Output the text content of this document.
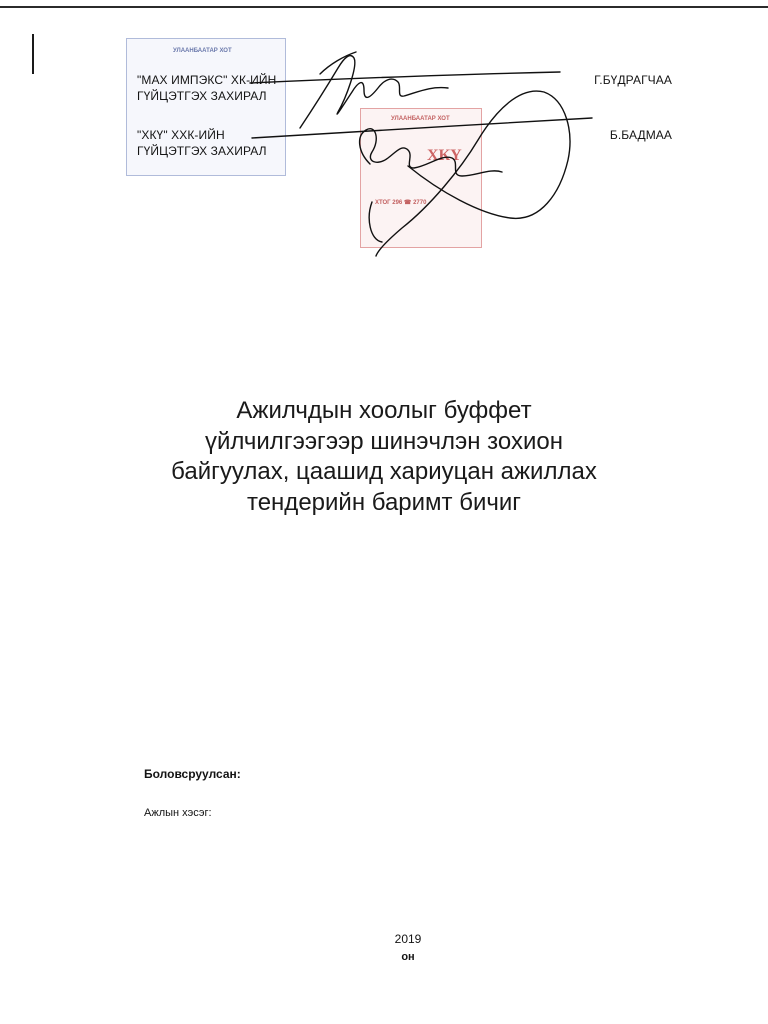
УЛААНБААТАР ХОТ
УЛААНБААТАР ХОТ
ХКҮ
ХТОГ 296 ☎ 2770
"МАХ ИМПЭКС" ХК-ИЙН
ГҮЙЦЭТГЭХ ЗАХИРАЛ
Г.БҮДРАГЧАА
"ХКҮ" ХХК-ИЙН
ГҮЙЦЭТГЭХ ЗАХИРАЛ
Б.БАДМАА
Ажилчдын хоолыг буффет
үйлчилгээгээр шинэчлэн зохион
байгуулах, цаашид хариуцан ажиллах
тендерийн баримт бичиг
Боловсруулсан:
Ажлын хэсэг:
2019
он
